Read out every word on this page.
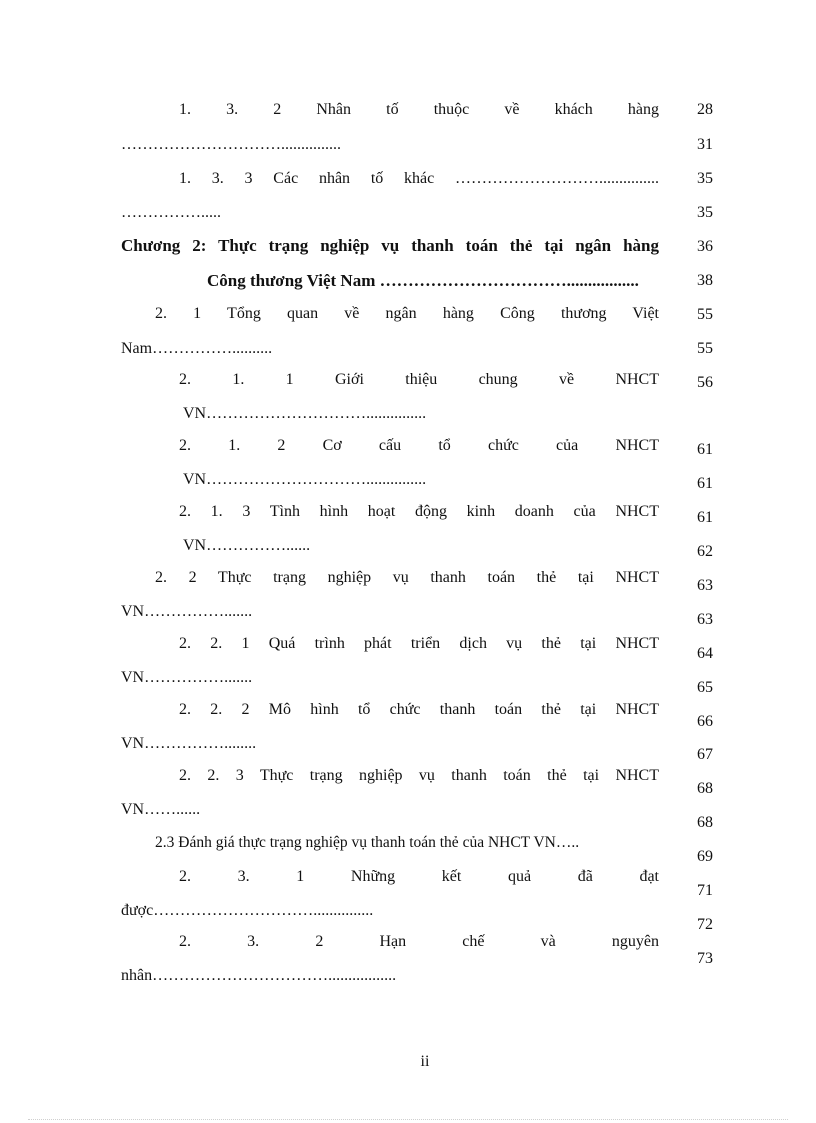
1. 3. 2 Nhân tố thuộc về khách hàng
…………………………...............
1. 3. 3 Các nhân tố khác ………………………...............
…………….....
Chương 2: Thực trạng nghiệp vụ thanh toán thẻ tại ngân hàng
Công thương Việt Nam …………………………….................
2. 1 Tổng quan về ngân hàng Công thương Việt
Nam……………..........
2. 1. 1 Giới thiệu chung về NHCT
VN…………………………...............
2. 1. 2 Cơ cấu tổ chức của NHCT
VN…………………………...............
2. 1. 3 Tình hình hoạt động kinh doanh của NHCT
VN……………......
2. 2 Thực trạng nghiệp vụ thanh toán thẻ tại NHCT
VN…………….......
2. 2. 1 Quá trình phát triển dịch vụ thẻ tại NHCT
VN…………….......
2. 2. 2 Mô hình tổ chức thanh toán thẻ tại NHCT
VN……………........
2. 2. 3 Thực trạng nghiệp vụ thanh toán thẻ tại NHCT
VN……......
2.3 Đánh giá thực trạng nghiệp vụ thanh toán thẻ của NHCT VN…..
2. 3. 1 Những kết quả đã đạt
được…………………………...............
2. 3. 2 Hạn chế và nguyên
nhân…………………………….................
28
31
35
35
36
38
55
55
56
61
61
61
62
63
63
64
65
66
67
68
68
69
71
72
73
ii
